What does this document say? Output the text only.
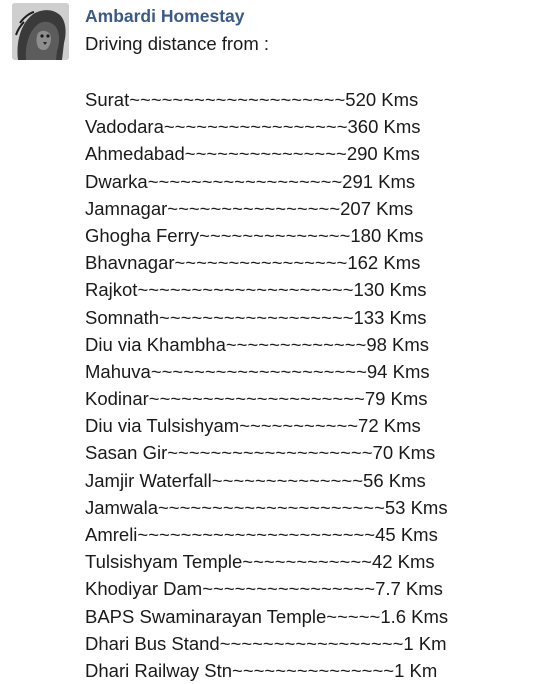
Ambardi Homestay
Driving distance from :
Surat~~~~~~~~~~~~~~~~~~~~520 Kms
Vadodara~~~~~~~~~~~~~~~~~360 Kms
Ahmedabad~~~~~~~~~~~~~~~290 Kms
Dwarka~~~~~~~~~~~~~~~~~~291 Kms
Jamnagar~~~~~~~~~~~~~~~~207 Kms
Ghogha Ferry~~~~~~~~~~~~~~180 Kms
Bhavnagar~~~~~~~~~~~~~~~~162 Kms
Rajkot~~~~~~~~~~~~~~~~~~~~130 Kms
Somnath~~~~~~~~~~~~~~~~~~133 Kms
Diu via Khambha~~~~~~~~~~~~~98 Kms
Mahuva~~~~~~~~~~~~~~~~~~~~94 Kms
Kodinar~~~~~~~~~~~~~~~~~~~~79 Kms
Diu via Tulsishyam~~~~~~~~~~~72 Kms
Sasan Gir~~~~~~~~~~~~~~~~~~~70 Kms
Jamjir Waterfall~~~~~~~~~~~~~~56 Kms
Jamwala~~~~~~~~~~~~~~~~~~~~~53 Kms
Amreli~~~~~~~~~~~~~~~~~~~~~~45 Kms
Tulsishyam Temple~~~~~~~~~~~~42 Kms
Khodiyar Dam~~~~~~~~~~~~~~~~7.7 Kms
BAPS Swaminarayan Temple~~~~~1.6 Kms
Dhari Bus Stand~~~~~~~~~~~~~~~~~1 Km
Dhari Railway Stn~~~~~~~~~~~~~~~1 Km
